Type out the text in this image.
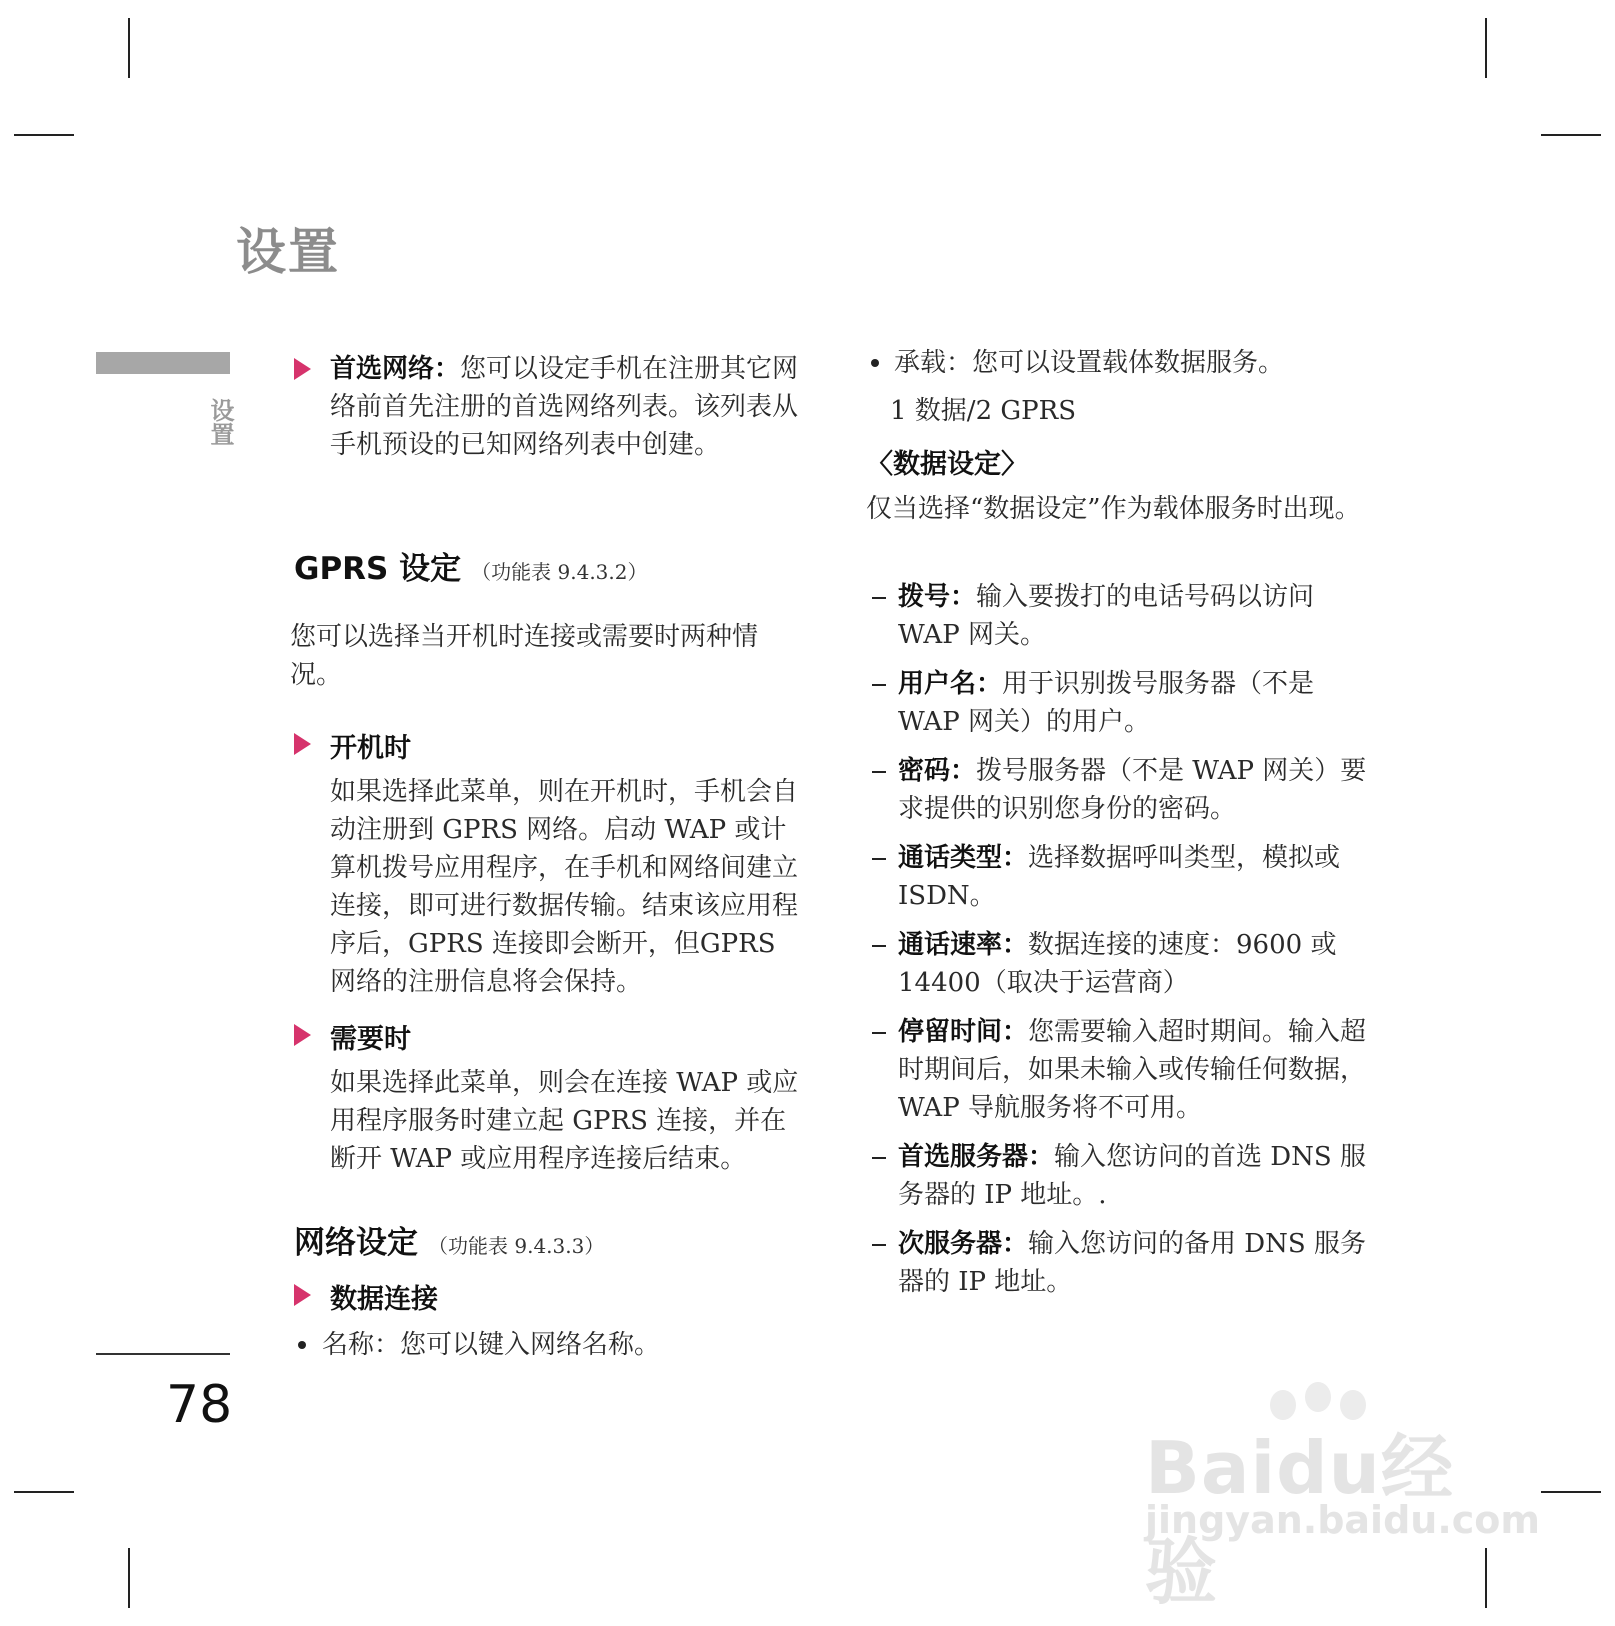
设置
设置
78
首选网络：您可以设定手机在注册其它网络前首先注册的首选网络列表。该列表从手机预设的已知网络列表中创建。
GPRS 设定 （功能表 9.4.3.2）
您可以选择当开机时连接或需要时两种情况。
开机时
如果选择此菜单，则在开机时，手机会自动注册到 GPRS 网络。启动 WAP 或计算机拨号应用程序，在手机和网络间建立连接，即可进行数据传输。结束该应用程序后，GPRS 连接即会断开，但GPRS 网络的注册信息将会保持。
需要时
如果选择此菜单，则会在连接 WAP 或应用程序服务时建立起 GPRS 连接，并在断开 WAP 或应用程序连接后结束。
网络设定 （功能表 9.4.3.3）
数据连接
名称：您可以键入网络名称。
承载：您可以设置载体数据服务。
1 数据/2 GPRS
〈数据设定〉
仅当选择“数据设定”作为载体服务时出现。
拨号：输入要拨打的电话号码以访问 WAP 网关。
用户名：用于识别拨号服务器（不是 WAP 网关）的用户。
密码：拨号服务器（不是 WAP 网关）要求提供的识别您身份的密码。
通话类型：选择数据呼叫类型，模拟或ISDN。
通话速率：数据连接的速度：9600 或 14400（取决于运营商）
停留时间：您需要输入超时期间。输入超时期间后，如果未输入或传输任何数据，WAP 导航服务将不可用。
首选服务器：输入您访问的首选 DNS 服务器的 IP 地址。.
次服务器：输入您访问的备用 DNS 服务器的 IP 地址。
Baidu经验
jingyan.baidu.com
